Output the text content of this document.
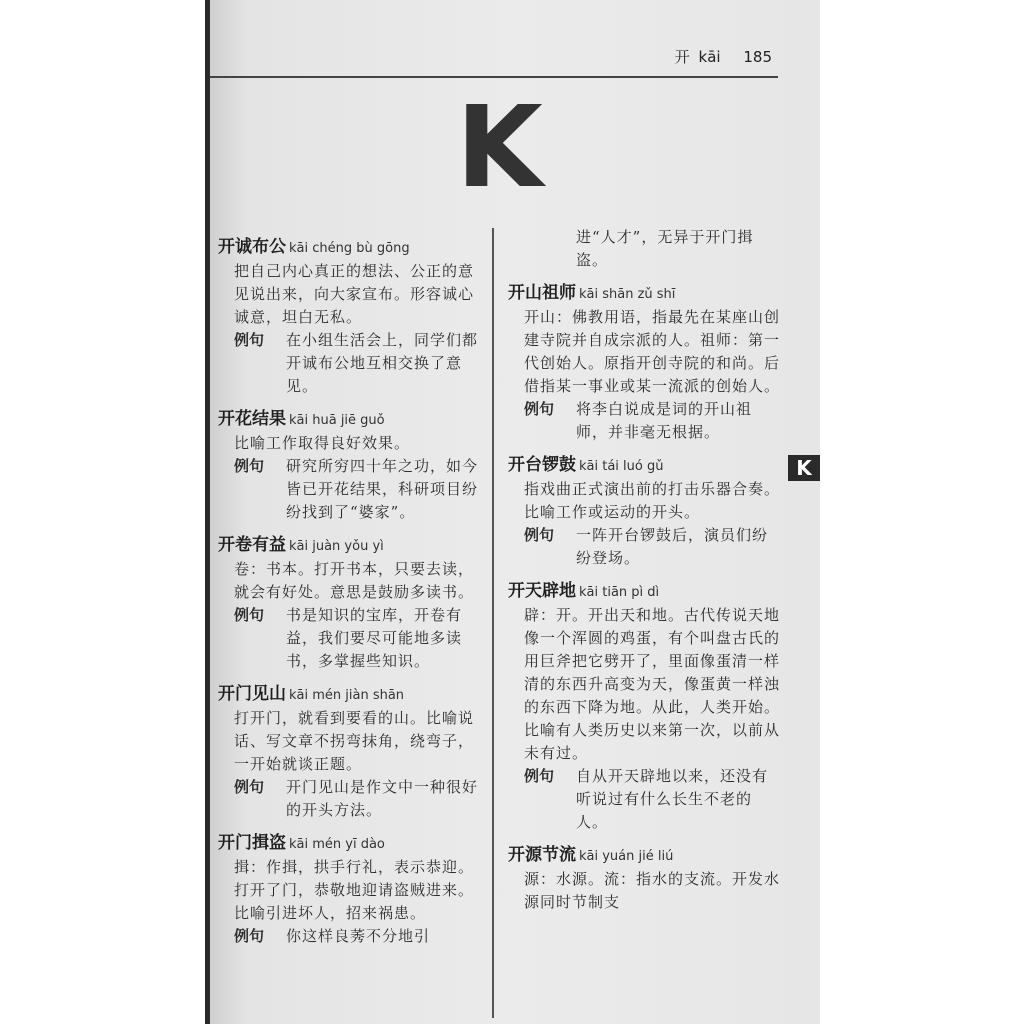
开 kāi 185
K
开诚布公 kāi chéng bù gōng
把自己内心真正的想法、公正的意见说出来，向大家宣布。形容诚心诚意，坦白无私。
例句	在小组生活会上，同学们都开诚布公地互相交换了意见。
开花结果 kāi huā jiē guǒ
比喻工作取得良好效果。
例句	研究所穷四十年之功，如今皆已开花结果，科研项目纷纷找到了“婆家”。
开卷有益 kāi juàn yǒu yì
卷：书本。打开书本，只要去读，就会有好处。意思是鼓励多读书。
例句	书是知识的宝库，开卷有益，我们要尽可能地多读书，多掌握些知识。
开门见山 kāi mén jiàn shān
打开门，就看到要看的山。比喻说话、写文章不拐弯抹角，绕弯子，一开始就谈正题。
例句	开门见山是作文中一种很好的开头方法。
开门揖盗 kāi mén yī dào
揖：作揖，拱手行礼，表示恭迎。打开了门，恭敬地迎请盗贼进来。比喻引进坏人，招来祸患。
例句	你这样良莠不分地引
进“人才”，无异于开门揖盗。
开山祖师 kāi shān zǔ shī
开山：佛教用语，指最先在某座山创建寺院并自成宗派的人。祖师：第一代创始人。原指开创寺院的和尚。后借指某一事业或某一流派的创始人。
例句	将李白说成是词的开山祖师，并非毫无根据。
开台锣鼓 kāi tái luó gǔ
指戏曲正式演出前的打击乐器合奏。比喻工作或运动的开头。
例句	一阵开台锣鼓后，演员们纷纷登场。
开天辟地 kāi tiān pì dì
辟：开。开出天和地。古代传说天地像一个浑圆的鸡蛋，有个叫盘古氏的用巨斧把它劈开了，里面像蛋清一样清的东西升高变为天，像蛋黄一样浊的东西下降为地。从此，人类开始。比喻有人类历史以来第一次，以前从未有过。
例句	自从开天辟地以来，还没有听说过有什么长生不老的人。
开源节流 kāi yuán jié liú
源：水源。流：指水的支流。开发水源同时节制支
K
